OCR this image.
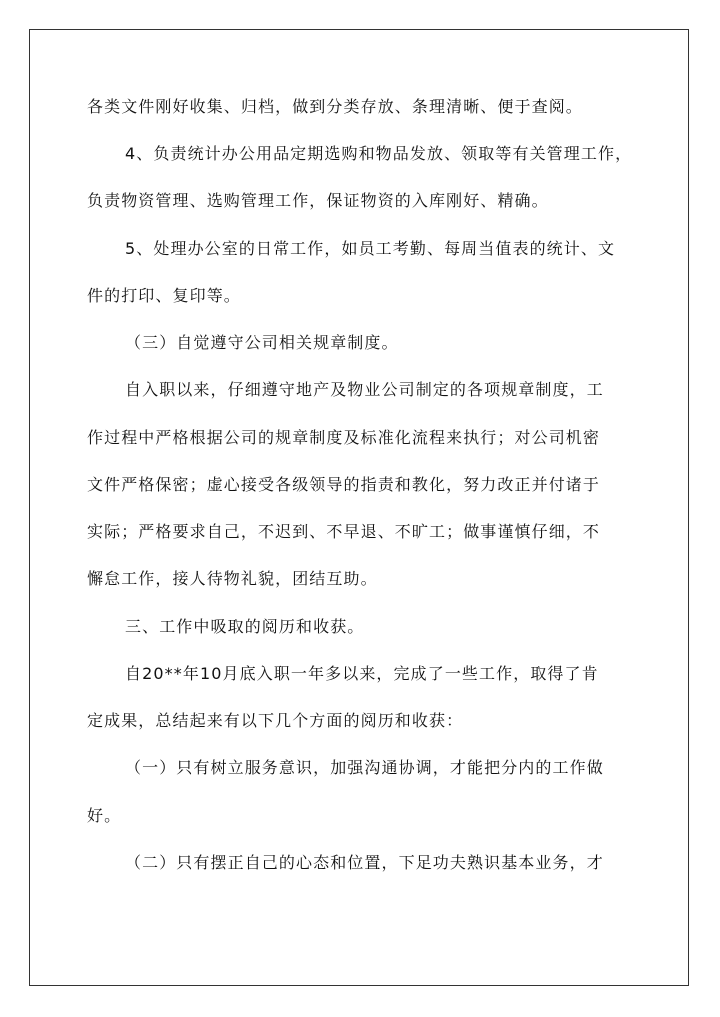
各类文件刚好收集、归档，做到分类存放、条理清晰、便于查阅。
4、负责统计办公用品定期选购和物品发放、领取等有关管理工作，
负责物资管理、选购管理工作，保证物资的入库刚好、精确。
5、处理办公室的日常工作，如员工考勤、每周当值表的统计、文
件的打印、复印等。
（三）自觉遵守公司相关规章制度。
自入职以来，仔细遵守地产及物业公司制定的各项规章制度，工
作过程中严格根据公司的规章制度及标准化流程来执行；对公司机密
文件严格保密；虚心接受各级领导的指责和教化，努力改正并付诸于
实际；严格要求自己，不迟到、不早退、不旷工；做事谨慎仔细，不
懈怠工作，接人待物礼貌，团结互助。
三、工作中吸取的阅历和收获。
自20**年10月底入职一年多以来，完成了一些工作，取得了肯
定成果，总结起来有以下几个方面的阅历和收获：
（一）只有树立服务意识，加强沟通协调，才能把分内的工作做
好。
（二）只有摆正自己的心态和位置，下足功夫熟识基本业务，才
